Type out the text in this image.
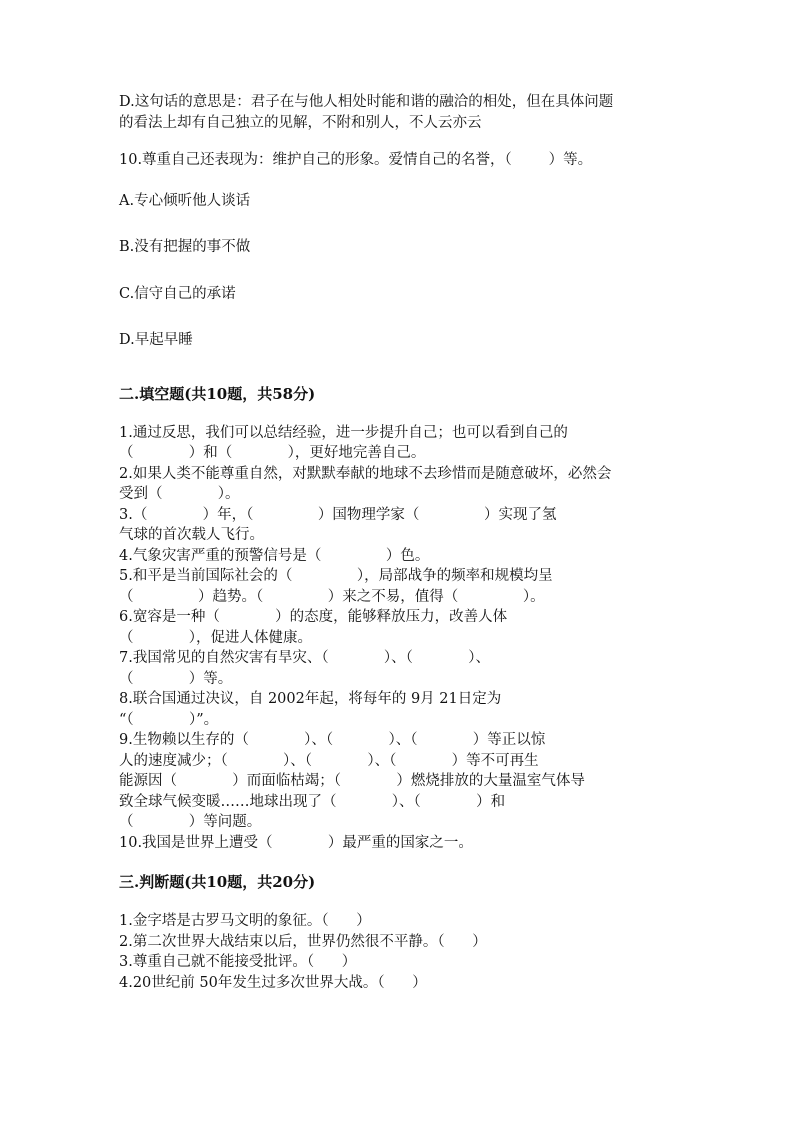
D.这句话的意思是：君子在与他人相处时能和谐的融洽的相处，但在具体问题

的看法上却有自己独立的见解，不附和别人，不人云亦云

10.尊重自己还表现为：维护自己的形象。爱情自己的名誉，（        ）等。

A.专心倾听他人谈话

B.没有把握的事不做

C.信守自己的承诺

D.早起早睡

二.填空题(共10题，共58分)

1.通过反思，我们可以总结经验，进一步提升自己；也可以看到自己的

（            ）和（            ），更好地完善自己。

2.如果人类不能尊重自然，对默默奉献的地球不去珍惜而是随意破坏，必然会

受到（            ）。

3.（            ）年，（              ）国物理学家（              ）实现了氢

气球的首次载人飞行。

4.气象灾害严重的预警信号是（              ）色。

5.和平是当前国际社会的（              ），局部战争的频率和规模均呈

（              ）趋势。（              ）来之不易，值得（              ）。

6.宽容是一种（            ）的态度，能够释放压力，改善人体

（            ），促进人体健康。

7.我国常见的自然灾害有旱灾、（            ）、（            ）、

（            ）等。

8.联合国通过决议，自 2002年起，将每年的 9月 21日定为

“（            ）”。

9.生物赖以生存的（            ）、（            ）、（            ）等正以惊

人的速度减少；（            ）、（            ）、（            ）等不可再生

能源因（            ）而面临枯竭；（            ）燃烧排放的大量温室气体导

致全球气候变暖……地球出现了（            ）、（            ）和

（            ）等问题。

10.我国是世界上遭受（            ）最严重的国家之一。

三.判断题(共10题，共20分)

1.金字塔是古罗马文明的象征。（      ）

2.第二次世界大战结束以后，世界仍然很不平静。（      ）

3.尊重自己就不能接受批评。（      ）

4.20世纪前 50年发生过多次世界大战。（      ）
